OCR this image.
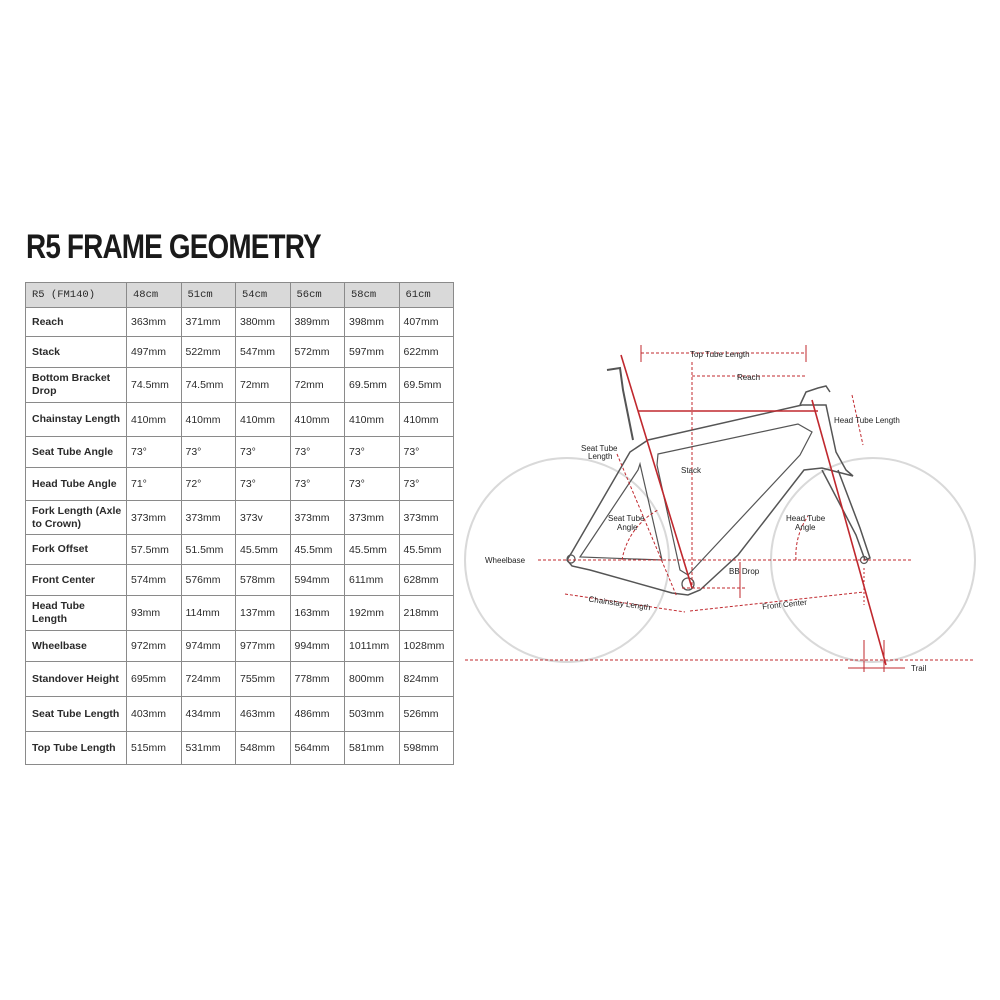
R5 FRAME GEOMETRY
R5 (FM140)	48cm	51cm	54cm	56cm	58cm	61cm
Reach	363mm	371mm	380mm	389mm	398mm	407mm
Stack	497mm	522mm	547mm	572mm	597mm	622mm
Bottom Bracket Drop	74.5mm	74.5mm	72mm	72mm	69.5mm	69.5mm
Chainstay Length	410mm	410mm	410mm	410mm	410mm	410mm
Seat Tube Angle	73°	73°	73°	73°	73°	73°
Head Tube Angle	71°	72°	73°	73°	73°	73°
Fork Length (Axle to Crown)	373mm	373mm	373v	373mm	373mm	373mm
Fork Offset	57.5mm	51.5mm	45.5mm	45.5mm	45.5mm	45.5mm
Front Center	574mm	576mm	578mm	594mm	611mm	628mm
Head Tube Length	93mm	114mm	137mm	163mm	192mm	218mm
Wheelbase	972mm	974mm	977mm	994mm	1011mm	1028mm
Standover Height	695mm	724mm	755mm	778mm	800mm	824mm
Seat Tube Length	403mm	434mm	463mm	486mm	503mm	526mm
Top Tube Length	515mm	531mm	548mm	564mm	581mm	598mm
Top Tube Length
Reach
Head Tube Length
Seat Tube
Length
Stack
Seat Tube
Angle
Head Tube
Angle
Wheelbase
BB Drop
Chainstay Length	Front Center
Trail
